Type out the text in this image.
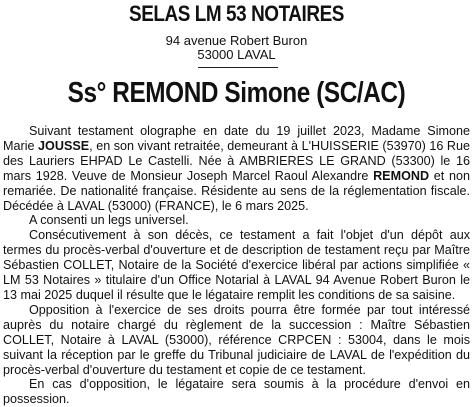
SELAS LM 53 NOTAIRES
94 avenue Robert Buron
53000 LAVAL
Ss° REMOND Simone (SC/AC)

Suivant testament olographe en date du 19 juillet 2023, Madame Simone Marie JOUSSE, en son vivant retraitée, demeurant à L'HUISSERIE (53970) 16 Rue des Lauriers EHPAD Le Castelli. Née à AMBRIERES LE GRAND (53300) le 16 mars 1928. Veuve de Monsieur Joseph Marcel Raoul Alexandre REMOND et non remariée. De nationalité française. Résidente au sens de la réglementation fiscale. Décédée à LAVAL (53000) (FRANCE), le 6 mars 2025.

A consenti un legs universel.

Consécutivement à son décès, ce testament a fait l'objet d'un dépôt aux termes du procès-verbal d'ouverture et de description de testament reçu par Maître Sébastien COLLET, Notaire de la Société d'exercice libéral par actions simplifiée « LM 53 Notaires » titulaire d'un Office Notarial à LAVAL 94 Avenue Robert Buron le 13 mai 2025 duquel il résulte que le légataire remplit les conditions de sa saisine.

Opposition à l'exercice de ses droits pourra être formée par tout intéressé auprès du notaire chargé du règlement de la succession : Maître Sébastien COLLET, Notaire à LAVAL (53000), référence CRPCEN : 53004, dans le mois suivant la réception par le greffe du Tribunal judiciaire de LAVAL de l'expédition du procès-verbal d'ouverture du testament et copie de ce testament.

En cas d'opposition, le légataire sera soumis à la procédure d'envoi en possession.
